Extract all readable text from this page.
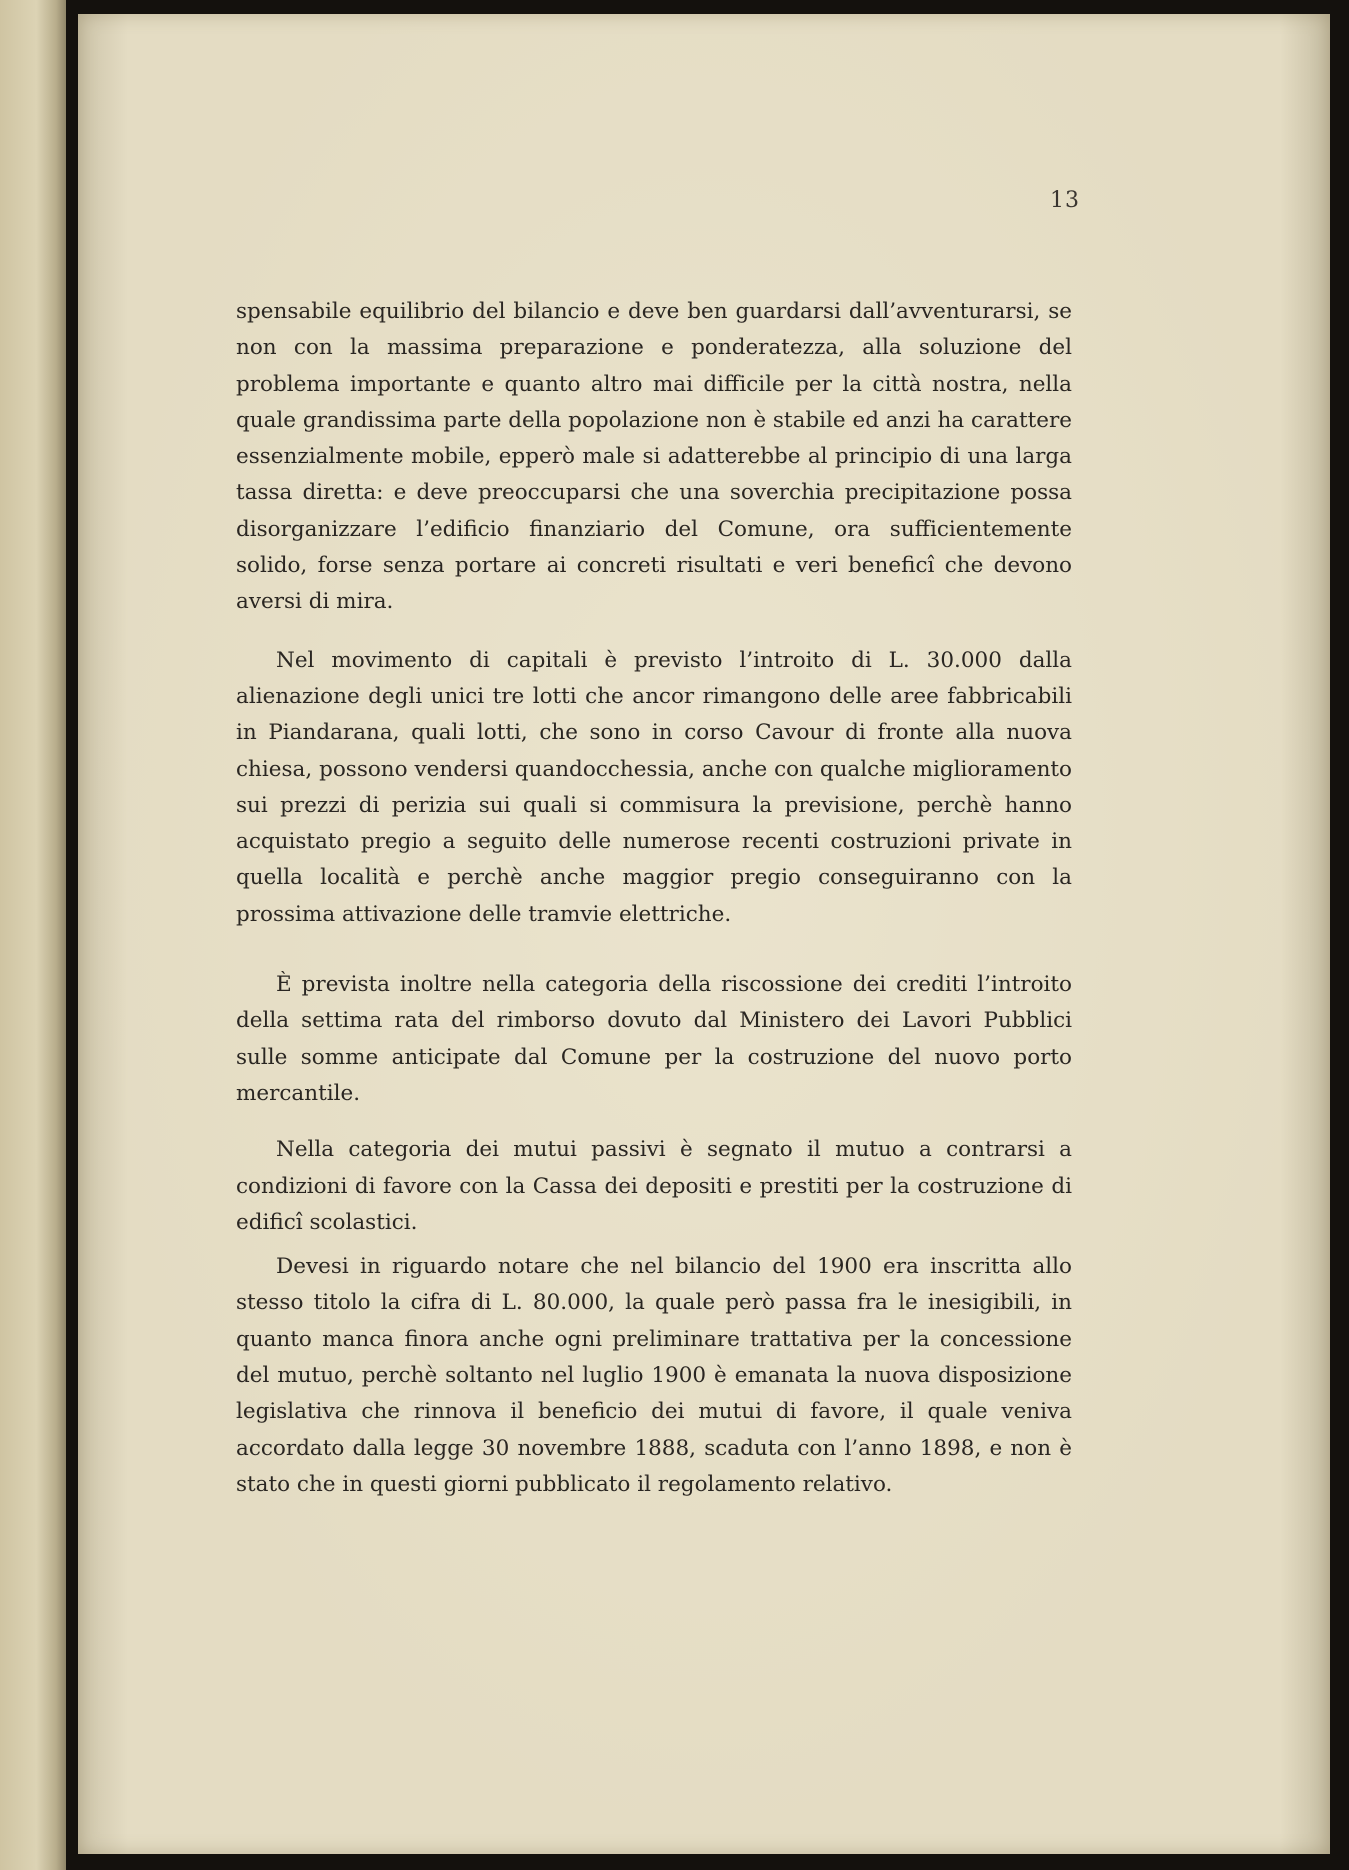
13

spensabile equilibrio del bilancio e deve ben guardarsi dall’avventurarsi, se non con la massima preparazione e ponderatezza, alla soluzione del problema importante e quanto altro mai difficile per la città nostra, nella quale grandissima parte della popolazione non è stabile ed anzi ha carattere essenzialmente mobile, epperò male si adatterebbe al principio di una larga tassa diretta: e deve preoccuparsi che una soverchia precipitazione possa disorganizzare l’edificio finanziario del Comune, ora sufficientemente solido, forse senza portare ai concreti risultati e veri beneficî che devono aversi di mira.

Nel movimento di capitali è previsto l’introito di L. 30.000 dalla alienazione degli unici tre lotti che ancor rimangono delle aree fabbricabili in Piandarana, quali lotti, che sono in corso Cavour di fronte alla nuova chiesa, possono vendersi quandocchessia, anche con qualche miglioramento sui prezzi di perizia sui quali si commisura la previsione, perchè hanno acquistato pregio a seguito delle numerose recenti costruzioni private in quella località e perchè anche maggior pregio conseguiranno con la prossima attivazione delle tramvie elettriche.

È prevista inoltre nella categoria della riscossione dei crediti l’introito della settima rata del rimborso dovuto dal Ministero dei Lavori Pubblici sulle somme anticipate dal Comune per la costruzione del nuovo porto mercantile.

Nella categoria dei mutui passivi è segnato il mutuo a contrarsi a condizioni di favore con la Cassa dei depositi e prestiti per la costruzione di edificî scolastici.

Devesi in riguardo notare che nel bilancio del 1900 era inscritta allo stesso titolo la cifra di L. 80.000, la quale però passa fra le inesigibili, in quanto manca finora anche ogni preliminare trattativa per la concessione del mutuo, perchè soltanto nel luglio 1900 è emanata la nuova disposizione legislativa che rinnova il beneficio dei mutui di favore, il quale veniva accordato dalla legge 30 novembre 1888, scaduta con l’anno 1898, e non è stato che in questi giorni pubblicato il regolamento relativo.
